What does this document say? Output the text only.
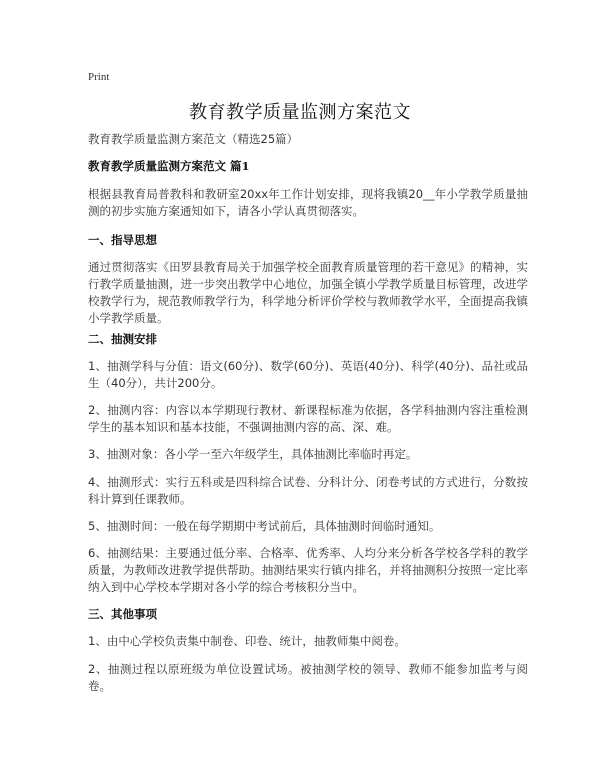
Print
教育教学质量监测方案范文
教育教学质量监测方案范文（精选25篇）
教育教学质量监测方案范文 篇1
根据县教育局普教科和教研室20xx年工作计划安排，现将我镇20__年小学教学质量抽测的初步实施方案通知如下，请各小学认真贯彻落实。
一、指导思想
通过贯彻落实《田罗县教育局关于加强学校全面教育质量管理的若干意见》的精神，实行教学质量抽测，进一步突出教学中心地位，加强全镇小学教学质量目标管理，改进学校教学行为，规范教师教学行为，科学地分析评价学校与教师教学水平，全面提高我镇小学教学质量。
二、抽测安排
1、抽测学科与分值：语文(60分)、数学(60分)、英语(40分)、科学(40分)、品社或品生（40分），共计200分。
2、抽测内容：内容以本学期现行教材、新课程标准为依据，各学科抽测内容注重检测学生的基本知识和基本技能，不强调抽测内容的高、深、难。
3、抽测对象：各小学一至六年级学生，具体抽测比率临时再定。
4、抽测形式：实行五科或是四科综合试卷、分科计分、闭卷考试的方式进行，分数按科计算到任课教师。
5、抽测时间：一般在每学期期中考试前后，具体抽测时间临时通知。
6、抽测结果：主要通过低分率、合格率、优秀率、人均分来分析各学校各学科的教学质量，为教师改进教学提供帮助。抽测结果实行镇内排名，并将抽测积分按照一定比率纳入到中心学校本学期对各小学的综合考核积分当中。
三、其他事项
1、由中心学校负责集中制卷、印卷、统计，抽教师集中阅卷。
2、抽测过程以原班级为单位设置试场。被抽测学校的领导、教师不能参加监考与阅卷。
